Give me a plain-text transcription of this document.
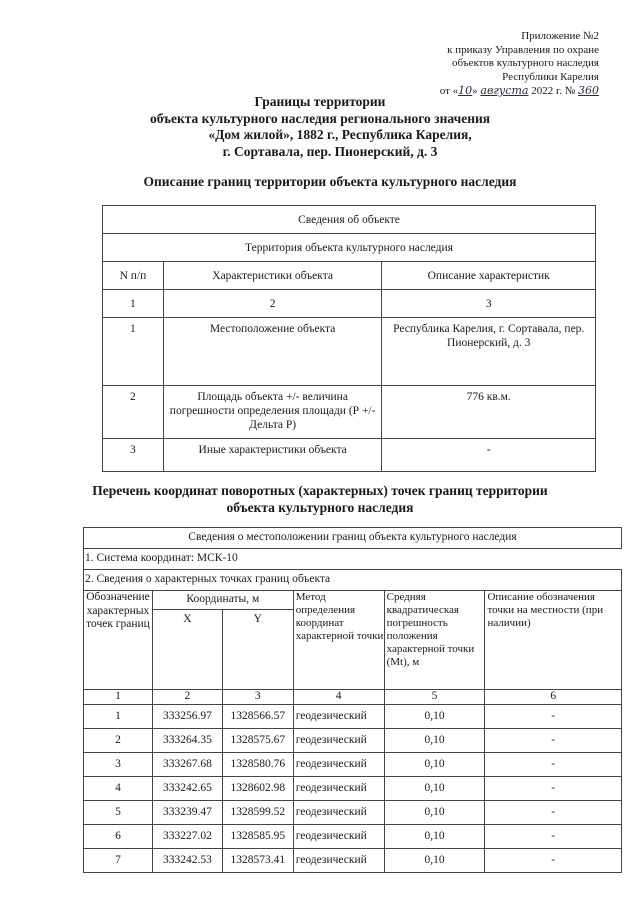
Приложение №2
к приказу Управления по охране
объектов культурного наследия
Республики Карелия
от «10» августа 2022 г. № 360
Границы территории
объекта культурного наследия регионального значения
«Дом жилой», 1882 г., Республика Карелия,
г. Сортавала, пер. Пионерский, д. 3
Описание границ территории объекта культурного наследия
Сведения об объекте		
Территория объекта культурного наследия		
N п/п	Характеристики объекта	Описание характеристик
1	2	3
1	Местоположение объекта	Республика Карелия, г. Сортавала, пер. Пионерский, д. 3
2	Площадь объекта +/- величина погрешности определения площади (Р +/- Дельта Р)	776 кв.м.
3	Иные характеристики объекта	-
Перечень координат поворотных (характерных) точек границ территории
объекта культурного наследия
Сведения о местоположении границ объекта культурного наследия					
1. Система координат: МСК-10					
2. Сведения о характерных точках границ объекта					
Обозначение характерных точек границ	Координаты, м		Метод определения координат характерной точки	Средняя квадратическая погрешность положения характерной точки (Mt), м	Описание обозначения точки на местности (при наличии)
	X	Y			
1	2	3	4	5	6
1	333256.97	1328566.57	геодезический	0,10	-
2	333264.35	1328575.67	геодезический	0,10	-
3	333267.68	1328580.76	геодезический	0,10	-
4	333242.65	1328602.98	геодезический	0,10	-
5	333239.47	1328599.52	геодезический	0,10	-
6	333227.02	1328585.95	геодезический	0,10	-
7	333242.53	1328573.41	геодезический	0,10	-
